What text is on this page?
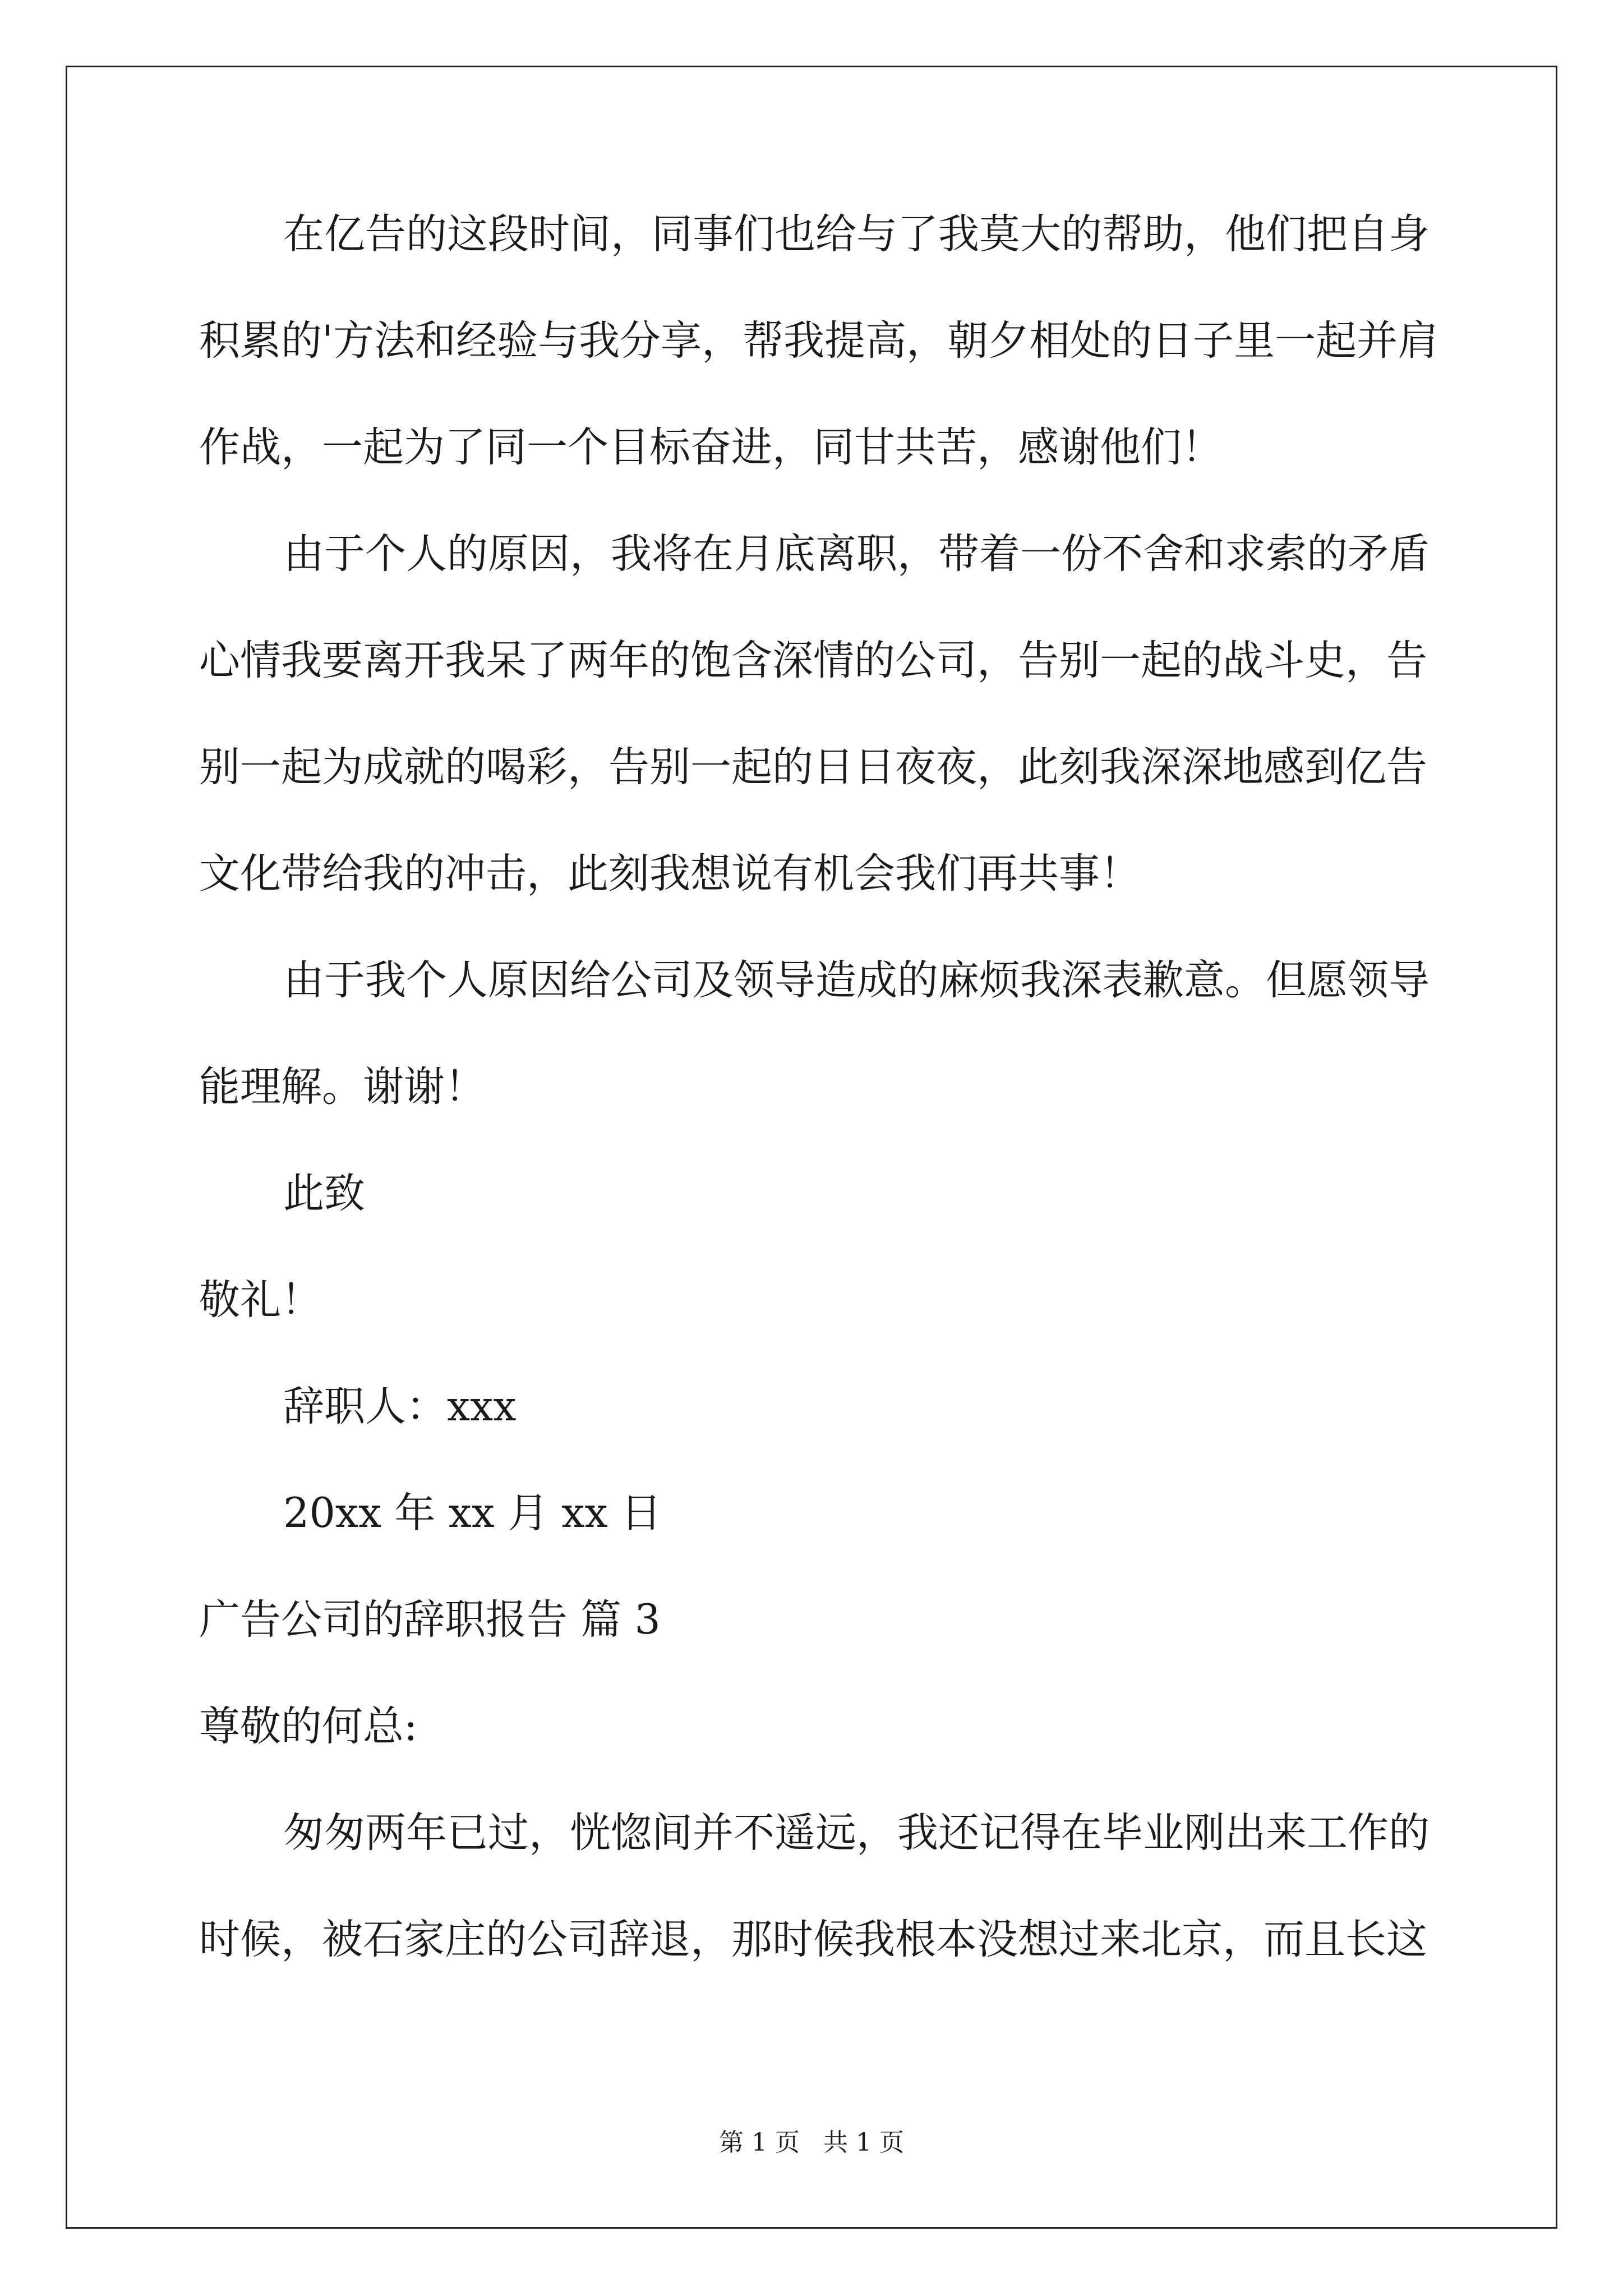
在亿告的这段时间，同事们也给与了我莫大的帮助，他们把自身
积累的'方法和经验与我分享，帮我提高，朝夕相处的日子里一起并肩
作战，一起为了同一个目标奋进，同甘共苦，感谢他们！
由于个人的原因，我将在月底离职，带着一份不舍和求索的矛盾
心情我要离开我呆了两年的饱含深情的公司，告别一起的战斗史，告
别一起为成就的喝彩，告别一起的日日夜夜，此刻我深深地感到亿告
文化带给我的冲击，此刻我想说有机会我们再共事！
由于我个人原因给公司及领导造成的麻烦我深表歉意。但愿领导
能理解。谢谢！
此致
敬礼！
辞职人：xxx
20xx 年 xx 月 xx 日
广告公司的辞职报告 篇 3
尊敬的何总:
匆匆两年已过，恍惚间并不遥远，我还记得在毕业刚出来工作的
时候，被石家庄的公司辞退，那时候我根本没想过来北京，而且长这
第 1 页 共 1 页
